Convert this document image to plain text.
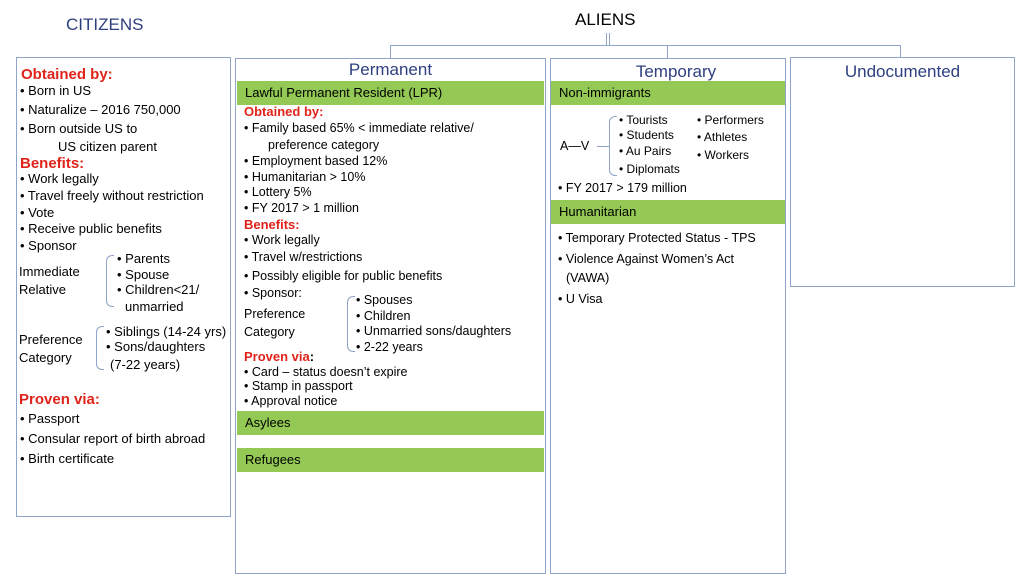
CITIZENS	ALIENS
Obtained by:
• Born in US
• Naturalize – 2016 750,000
• Born outside US to
US citizen parent
Benefits:
• Work legally
• Travel freely without restriction
• Vote
• Receive public benefits
• Sponsor
Immediate
Relative
• Parents
• Spouse
• Children<21/
unmarried
Preference
Category
• Siblings (14-24 yrs)
• Sons/daughters
(7-22 years)
Proven via:
• Passport
• Consular report of birth abroad
• Birth certificate
Permanent
Lawful Permanent Resident (LPR)
Obtained by:
• Family based 65% < immediate relative/
preference category
• Employment based 12%
• Humanitarian > 10%
• Lottery 5%
• FY 2017 > 1 million
Benefits:
• Work legally
• Travel w/restrictions
• Possibly eligible for public benefits
• Sponsor:
Preference
Category
• Spouses
• Children
• Unmarried sons/daughters
• 2-22 years
Proven via:
• Card – status doesn’t expire
• Stamp in passport
• Approval notice
Asylees
Refugees
Temporary
Non-immigrants
A—V
• Tourists
• Students
• Au Pairs
• Diplomats
• Performers
• Athletes
• Workers
• FY 2017 > 179 million
Humanitarian
• Temporary Protected Status - TPS
• Violence Against Women’s Act
(VAWA)
• U Visa
Undocumented
